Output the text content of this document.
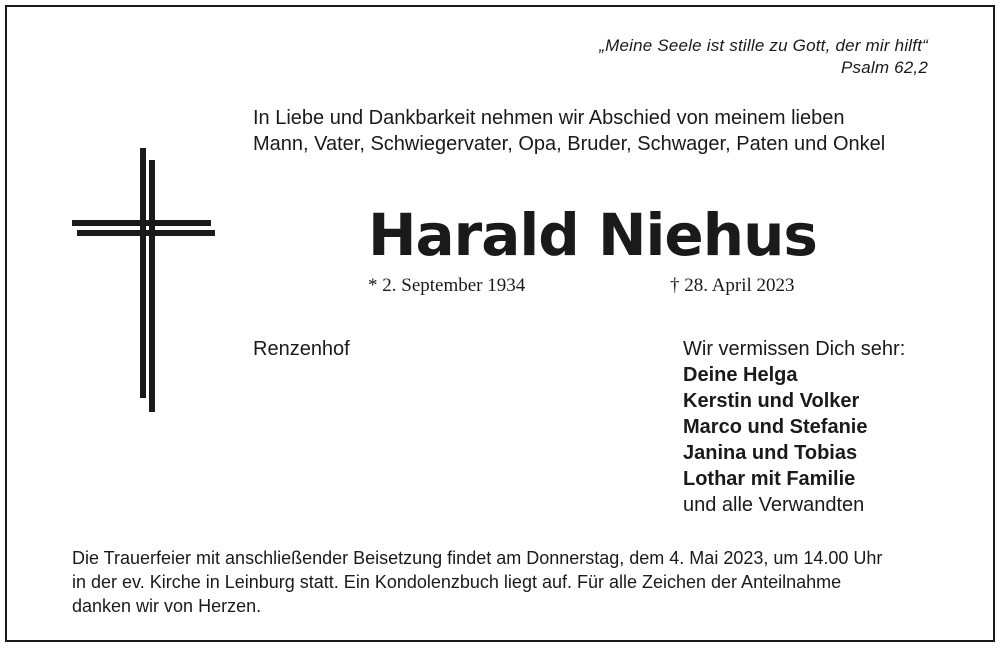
„Meine Seele ist stille zu Gott, der mir hilft“
Psalm 62,2
In Liebe und Dankbarkeit nehmen wir Abschied von meinem lieben
Mann, Vater, Schwiegervater, Opa, Bruder, Schwager, Paten und Onkel
Harald Niehus
* 2. September 1934	† 28. April 2023
Renzenhof	Wir vermissen Dich sehr:
Deine Helga
Kerstin und Volker
Marco und Stefanie
Janina und Tobias
Lothar mit Familie
und alle Verwandten
Die Trauerfeier mit anschließender Beisetzung findet am Donnerstag, dem 4. Mai 2023, um 14.00 Uhr
in der ev. Kirche in Leinburg statt. Ein Kondolenzbuch liegt auf. Für alle Zeichen der Anteilnahme
danken wir von Herzen.
